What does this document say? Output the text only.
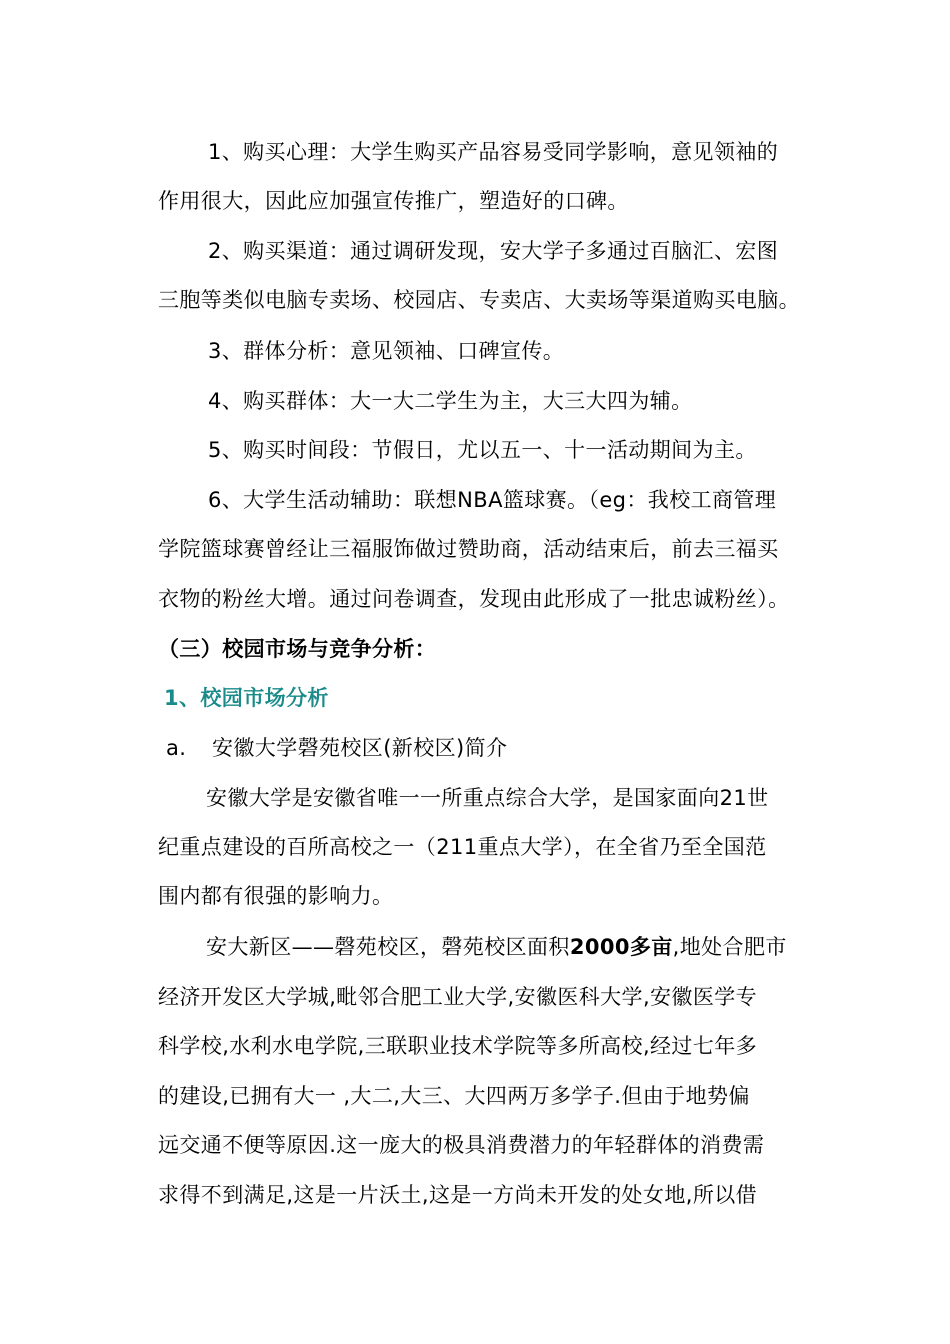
1、购买心理：大学生购买产品容易受同学影响，意见领袖的
作用很大，因此应加强宣传推广，塑造好的口碑。
2、购买渠道：通过调研发现，安大学子多通过百脑汇、宏图
三胞等类似电脑专卖场、校园店、专卖店、大卖场等渠道购买电脑。
3、群体分析：意见领袖、口碑宣传。
4、购买群体：大一大二学生为主，大三大四为辅。
5、购买时间段：节假日，尤以五一、十一活动期间为主。
6、大学生活动辅助：联想NBA篮球赛。（eg：我校工商管理
学院篮球赛曾经让三福服饰做过赞助商，活动结束后，前去三福买
衣物的粉丝大增。通过问卷调查，发现由此形成了一批忠诚粉丝）。
（三）校园市场与竞争分析：
1、校园市场分析
a. 安徽大学磬苑校区(新校区)简介
安徽大学是安徽省唯一一所重点综合大学，是国家面向21世
纪重点建设的百所高校之一（211重点大学），在全省乃至全国范
围内都有很强的影响力。
安大新区——磬苑校区，磬苑校区面积2000多亩,地处合肥市
经济开发区大学城,毗邻合肥工业大学,安徽医科大学,安徽医学专
科学校,水利水电学院,三联职业技术学院等多所高校,经过七年多
的建设,已拥有大一 ,大二,大三、大四两万多学子.但由于地势偏
远交通不便等原因.这一庞大的极具消费潜力的年轻群体的消费需
求得不到满足,这是一片沃土,这是一方尚未开发的处女地,所以借
